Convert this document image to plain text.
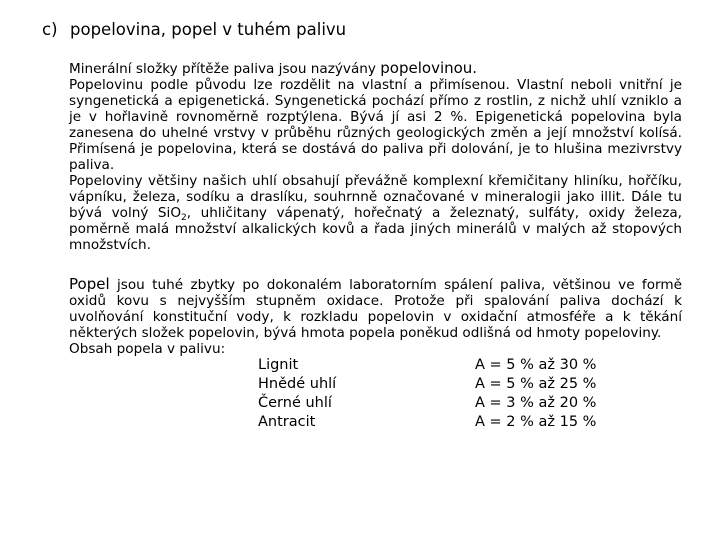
c) popelovina, popel v tuhém palivu

Minerální složky přítěže paliva jsou nazývány popelovinou.

Popelovinu podle původu lze rozdělit na vlastní a přimísenou. Vlastní neboli vnitřní je syngenetická a epigenetická. Syngenetická pochází přímo z rostlin, z nichž uhlí vzniklo a je v hořlavině rovnoměrně rozptýlena. Bývá jí asi 2 %. Epigenetická popelovina byla zanesena do uhelné vrstvy v průběhu různých geologických změn a její množství kolísá. Přimísená je popelovina, která se dostává do paliva při dolování, je to hlušina mezivrstvy paliva.

Popeloviny většiny našich uhlí obsahují převážně komplexní křemičitany hliníku, hořčíku, vápníku, železa, sodíku a draslíku, souhrnně označované v mineralogii jako illit. Dále tu bývá volný SiO$_2$, uhličitany vápenatý, hořečnatý a železnatý, sulfáty, oxidy železa, poměrně malá množství alkalických kovů a řada jiných minerálů v malých až stopových množstvích.

Popel jsou tuhé zbytky po dokonalém laboratorním spálení paliva, většinou ve formě oxidů kovu s nejvyšším stupněm oxidace. Protože při spalování paliva dochází k uvolňování konstituční vody, k rozkladu popelovin v oxidační atmosféře a k těkání některých složek popelovin, bývá hmota popela poněkud odlišná od hmoty popeloviny.

Obsah popela v palivu:

Lignit	A = 5 % až 30 %
Hnědé uhlí	A = 5 % až 25 %
Černé uhlí	A = 3 % až 20 %
Antracit	A = 2 % až 15 %
